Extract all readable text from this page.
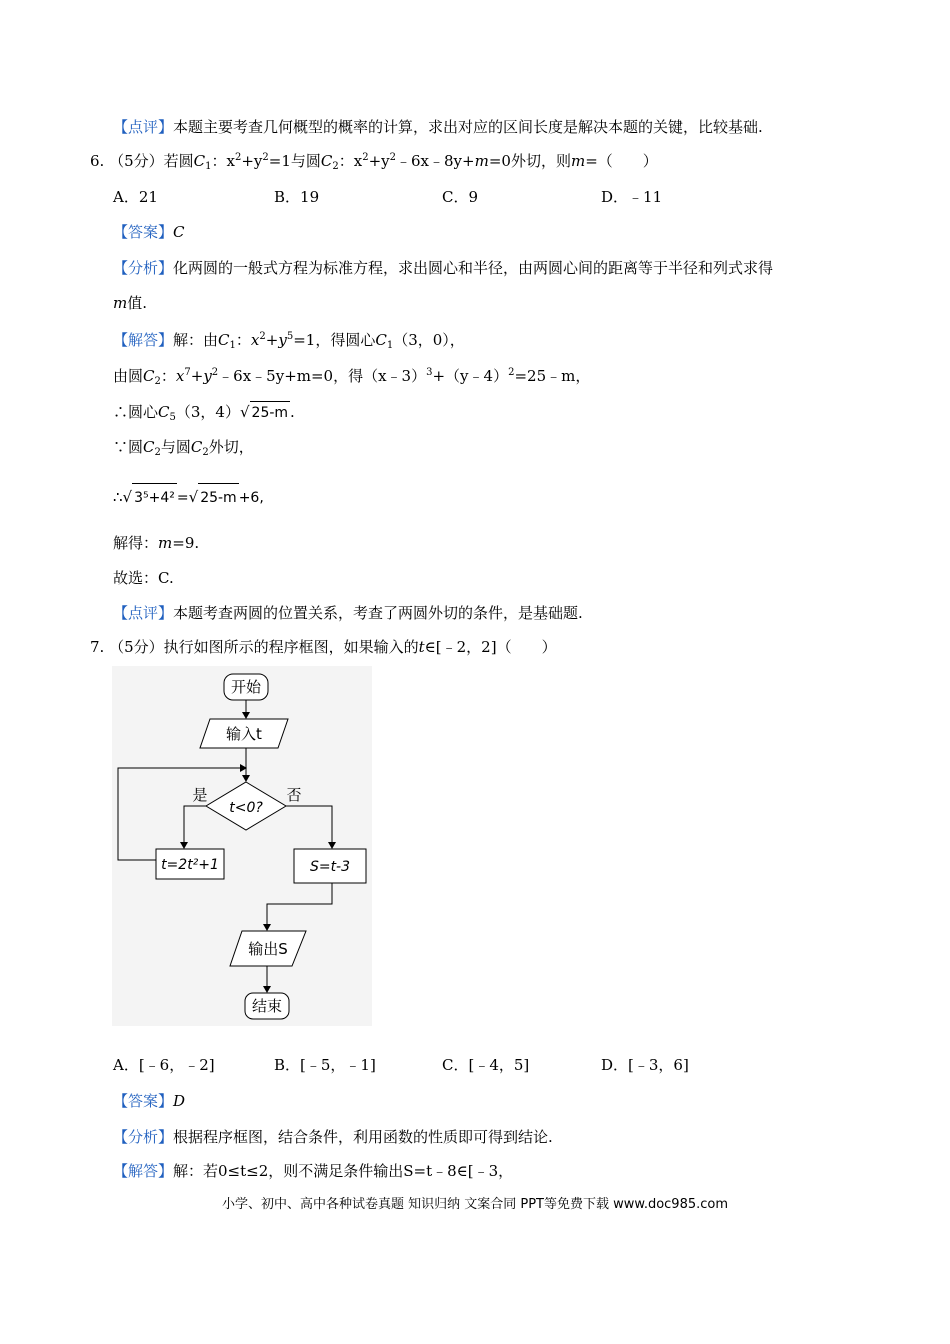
【点评】本题主要考查几何概型的概率的计算，求出对应的区间长度是解决本题的关键，比较基础.
6. （5分）若圆$C_1$：$x^2+y^2=1$与圆$C_2$：$x^2+y^2﹣6x﹣8y+m=0$外切，则m=（　　）
A．21	B．19	C．9	D．﹣11
【答案】C
【分析】化两圆的一般式方程为标准方程，求出圆心和半径，由两圆心间的距离等于半径和列式求得
m值.
【解答】解：由$C_1$：$x^2+y^5=1$，得圆心$C_1(3$，0），
由圆$C_2$：$x^7+y^2﹣6x﹣5y+m=0$，得（x﹣3）$^3$+（y﹣4）$^2$=25﹣m，
∴圆心$C_5(3$，4）√ 25-m .
∵圆$C_2$与圆$C_2$外切，
∴√ 3⁵+4² =√ 25-m +6,
解得：m=9.
故选：C.
【点评】本题考查两圆的位置关系，考查了两圆外切的条件，是基础题.
7. （5分）执行如图所示的程序框图，如果输入的t∈[﹣2，2]（　　）
开始
输入t
t<0?
是	否
t=2t²+1	S=t-3
输出S
结束
A．[﹣6，﹣2]	B．[﹣5，﹣1]	C．[﹣4，5]	D．[﹣3，6]
【答案】D
【分析】根据程序框图，结合条件，利用函数的性质即可得到结论.
【解答】解：若0≤t≤2，则不满足条件输出S=t﹣8∈[﹣3，
小学、初中、高中各种试卷真题 知识归纳 文案合同 PPT等免费下载 www.doc985.com
